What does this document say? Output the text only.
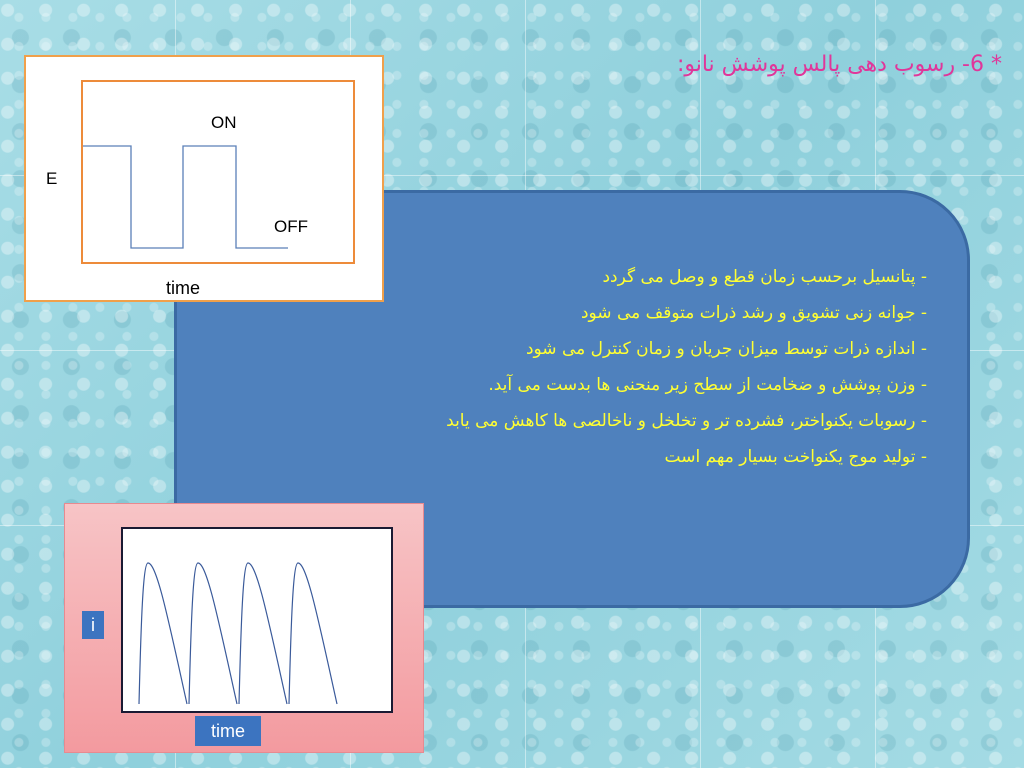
* 6- رسوب دهی پالس پوشش نانو:
- پتانسیل برحسب زمان قطع و وصل می گردد
- جوانه زنی تشویق و رشد ذرات متوقف می شود
- اندازه ذرات توسط میزان جریان و زمان کنترل می شود
- وزن پوشش و ضخامت از سطح زیر منحنی ها بدست می آید.
- رسوبات یکنواختر، فشرده تر و تخلخل و ناخالصی ها کاهش می یابد
- تولید موج یکنواخت بسیار مهم است
E
ON
OFF
time
i
time
